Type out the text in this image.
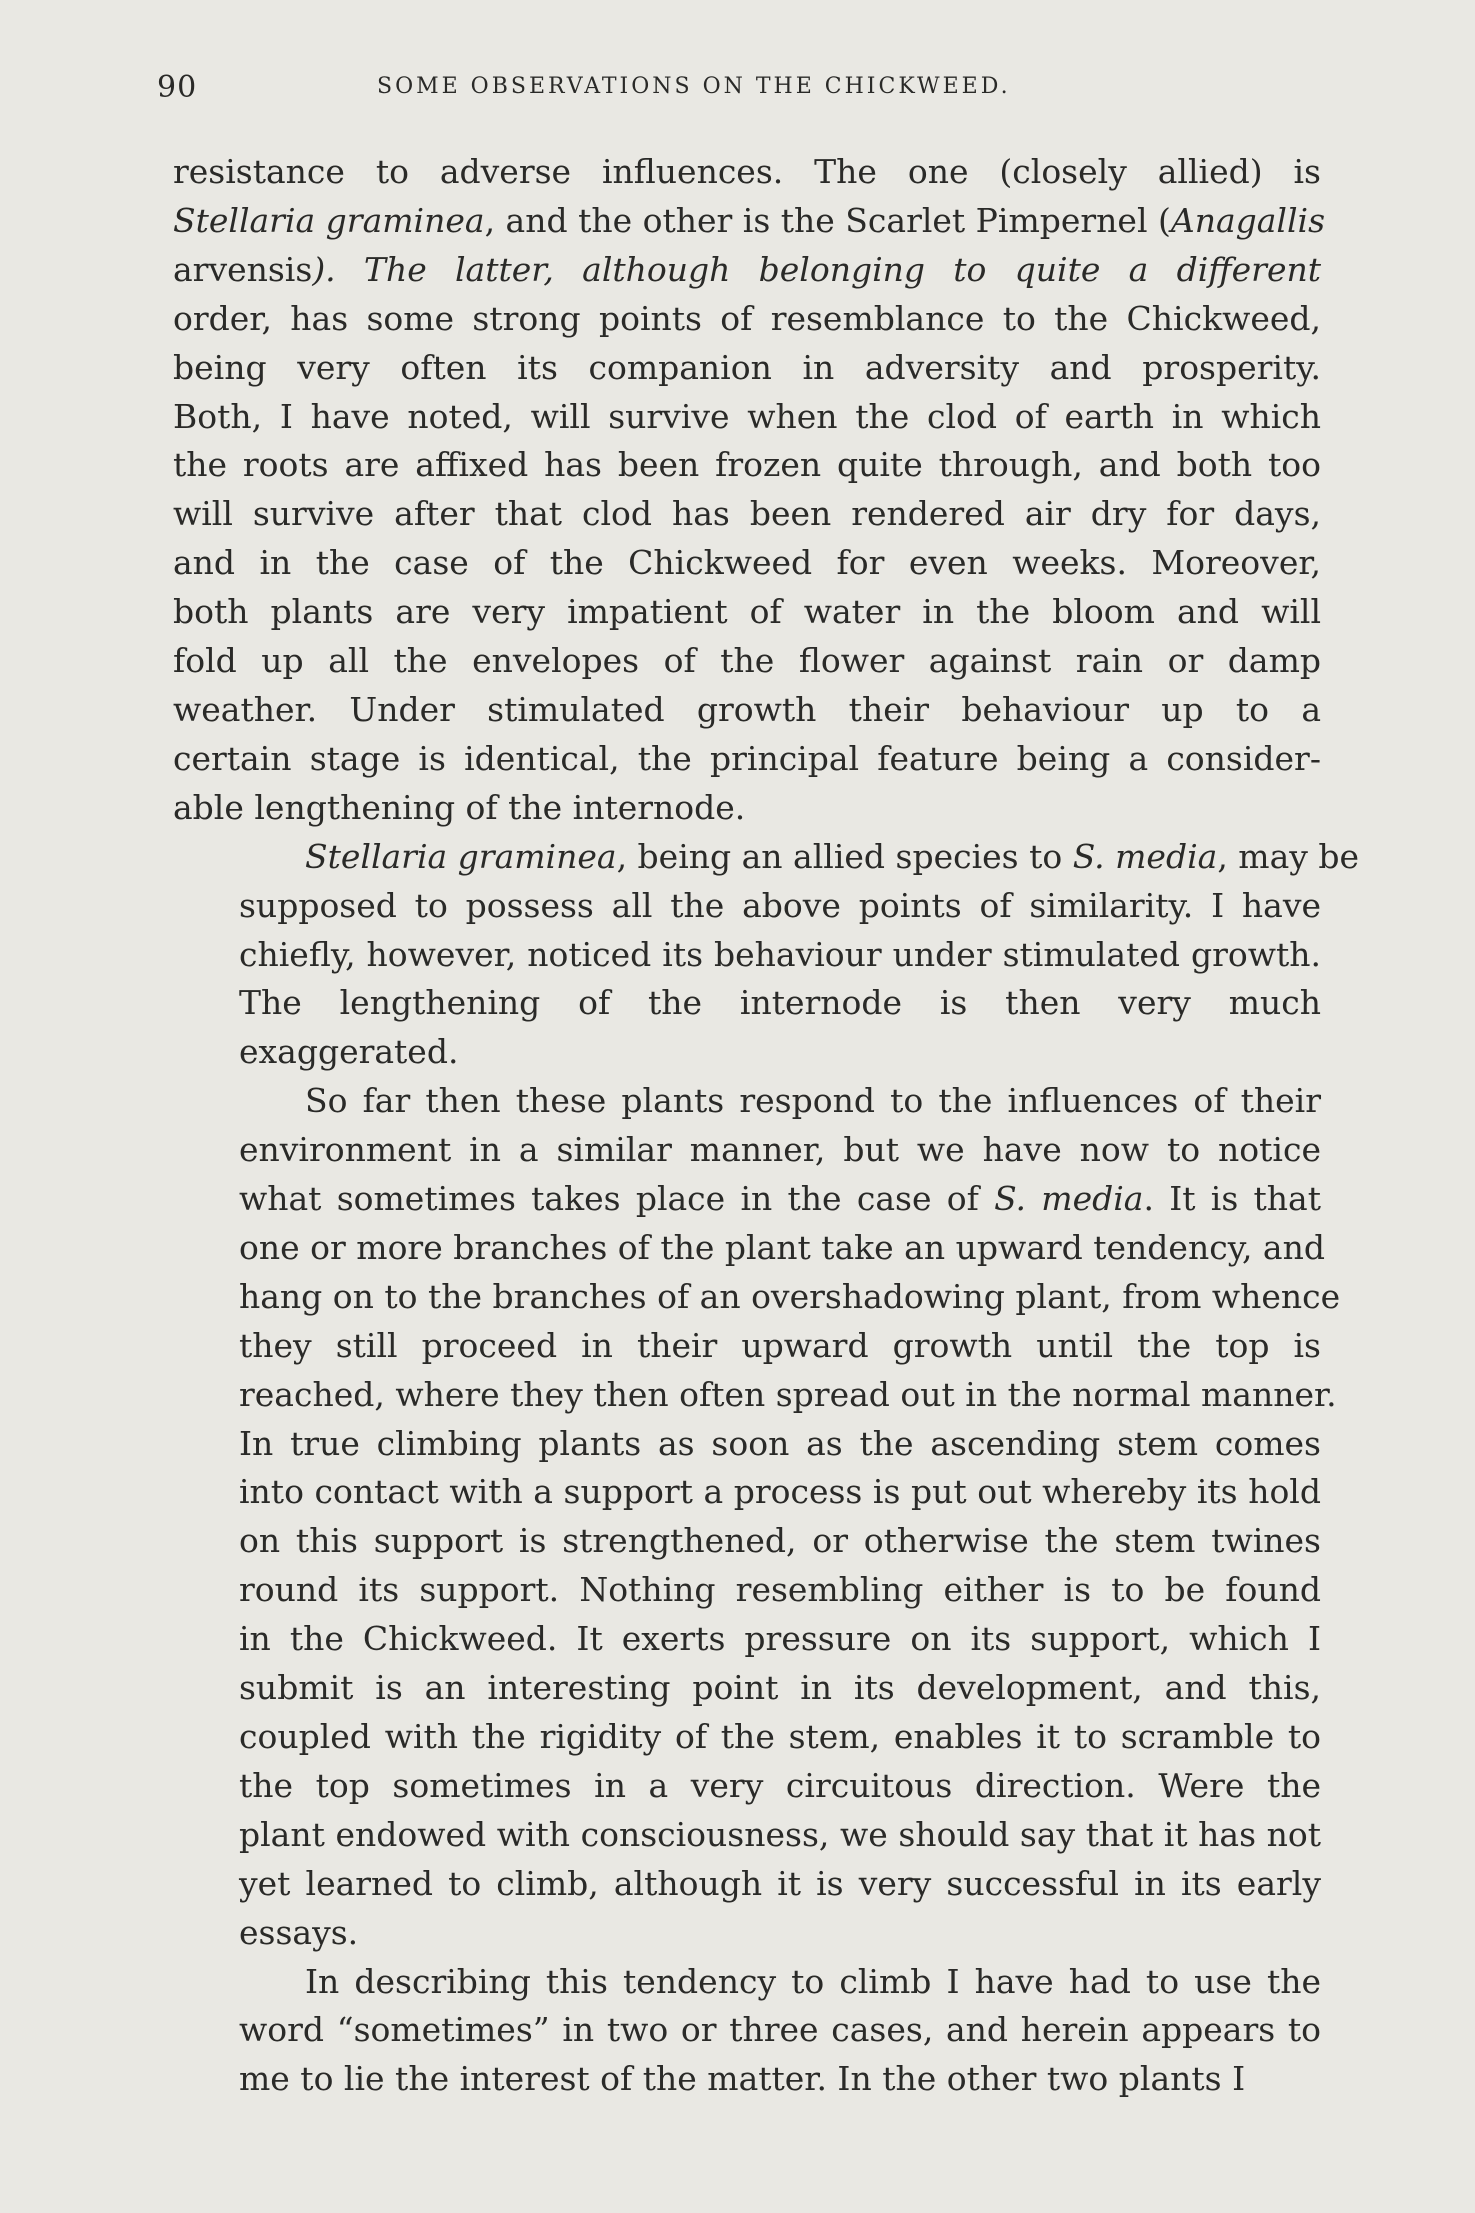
90	SOME OBSERVATIONS ON THE CHICKWEED.

resistance to adverse influences. The one (closely allied) is
Stellaria graminea, and the other is the Scarlet Pimpernel (Anagallis
arvensis). The latter, although belonging to quite a different
order, has some strong points of resemblance to the Chickweed,
being very often its companion in adversity and prosperity.
Both, I have noted, will survive when the clod of earth in which
the roots are affixed has been frozen quite through, and both too
will survive after that clod has been rendered air dry for days,
and in the case of the Chickweed for even weeks. Moreover,
both plants are very impatient of water in the bloom and will
fold up all the envelopes of the flower against rain or damp
weather. Under stimulated growth their behaviour up to a
certain stage is identical, the principal feature being a consider-
able lengthening of the internode.

Stellaria graminea, being an allied species to S. media, may be
supposed to possess all the above points of similarity. I have
chiefly, however, noticed its behaviour under stimulated growth.
The lengthening of the internode is then very much
exaggerated.

So far then these plants respond to the influences of their
environment in a similar manner, but we have now to notice
what sometimes takes place in the case of S. media. It is that
one or more branches of the plant take an upward tendency, and
hang on to the branches of an overshadowing plant, from whence
they still proceed in their upward growth until the top is
reached, where they then often spread out in the normal manner.
In true climbing plants as soon as the ascending stem comes
into contact with a support a process is put out whereby its hold
on this support is strengthened, or otherwise the stem twines
round its support. Nothing resembling either is to be found
in the Chickweed. It exerts pressure on its support, which I
submit is an interesting point in its development, and this,
coupled with the rigidity of the stem, enables it to scramble to
the top sometimes in a very circuitous direction. Were the
plant endowed with consciousness, we should say that it has not
yet learned to climb, although it is very successful in its early
essays.

In describing this tendency to climb I have had to use the
word “sometimes” in two or three cases, and herein appears to
me to lie the interest of the matter. In the other two plants I
